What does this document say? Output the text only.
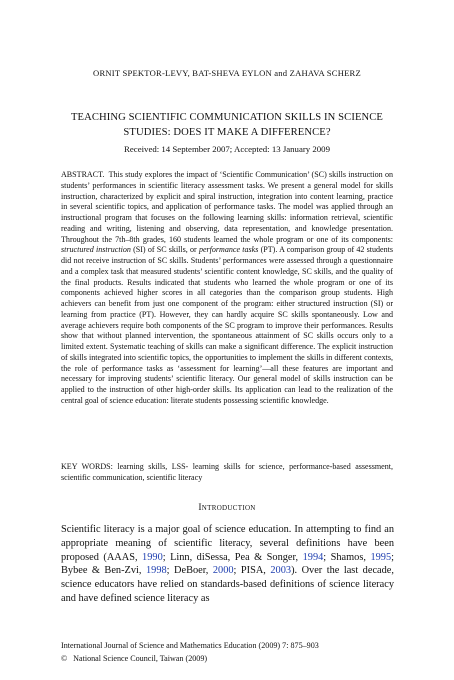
ORNIT SPEKTOR-LEVY, BAT-SHEVA EYLON and ZAHAVA SCHERZ
TEACHING SCIENTIFIC COMMUNICATION SKILLS IN SCIENCE
STUDIES: DOES IT MAKE A DIFFERENCE?
Received: 14 September 2007; Accepted: 13 January 2009

ABSTRACT. This study explores the impact of ‘Scientific Communication’ (SC) skills instruction on students’ performances in scientific literacy assessment tasks. We present a general model for skills instruction, characterized by explicit and spiral instruction, integration into content learning, practice in several scientific topics, and application of performance tasks. The model was applied through an instructional program that focuses on the following learning skills: information retrieval, scientific reading and writing, listening and observing, data representation, and knowledge presentation. Throughout the 7th–8th grades, 160 students learned the whole program or one of its components: structured instruction (SI) of SC skills, or performance tasks (PT). A comparison group of 42 students did not receive instruction of SC skills. Students’ performances were assessed through a questionnaire and a complex task that measured students’ scientific content knowledge, SC skills, and the quality of the final products. Results indicated that students who learned the whole program or one of its components achieved higher scores in all categories than the comparison group students. High achievers can benefit from just one component of the program: either structured instruction (SI) or learning from practice (PT). However, they can hardly acquire SC skills spontaneously. Low and average achievers require both components of the SC program to improve their performances. Results show that without planned intervention, the spontaneous attainment of SC skills occurs only to a limited extent. Systematic teaching of skills can make a significant difference. The explicit instruction of skills integrated into scientific topics, the opportunities to implement the skills in different contexts, the role of performance tasks as ‘assessment for learning’—all these features are important and necessary for improving students’ scientific literacy. Our general model of skills instruction can be applied to the instruction of other high-order skills. Its application can lead to the realization of the central goal of science education: literate students possessing scientific knowledge.

KEY WORDS: learning skills, LSS- learning skills for science, performance-based assessment, scientific communication, scientific literacy

Introduction

Scientific literacy is a major goal of science education. In attempting to find an appropriate meaning of scientific literacy, several definitions have been proposed (AAAS, 1990; Linn, diSessa, Pea & Songer, 1994; Shamos, 1995; Bybee & Ben-Zvi, 1998; DeBoer, 2000; PISA, 2003). Over the last decade, science educators have relied on standards-based definitions of science literacy and have defined science literacy as

International Journal of Science and Mathematics Education (2009) 7: 875–903
© National Science Council, Taiwan (2009)
